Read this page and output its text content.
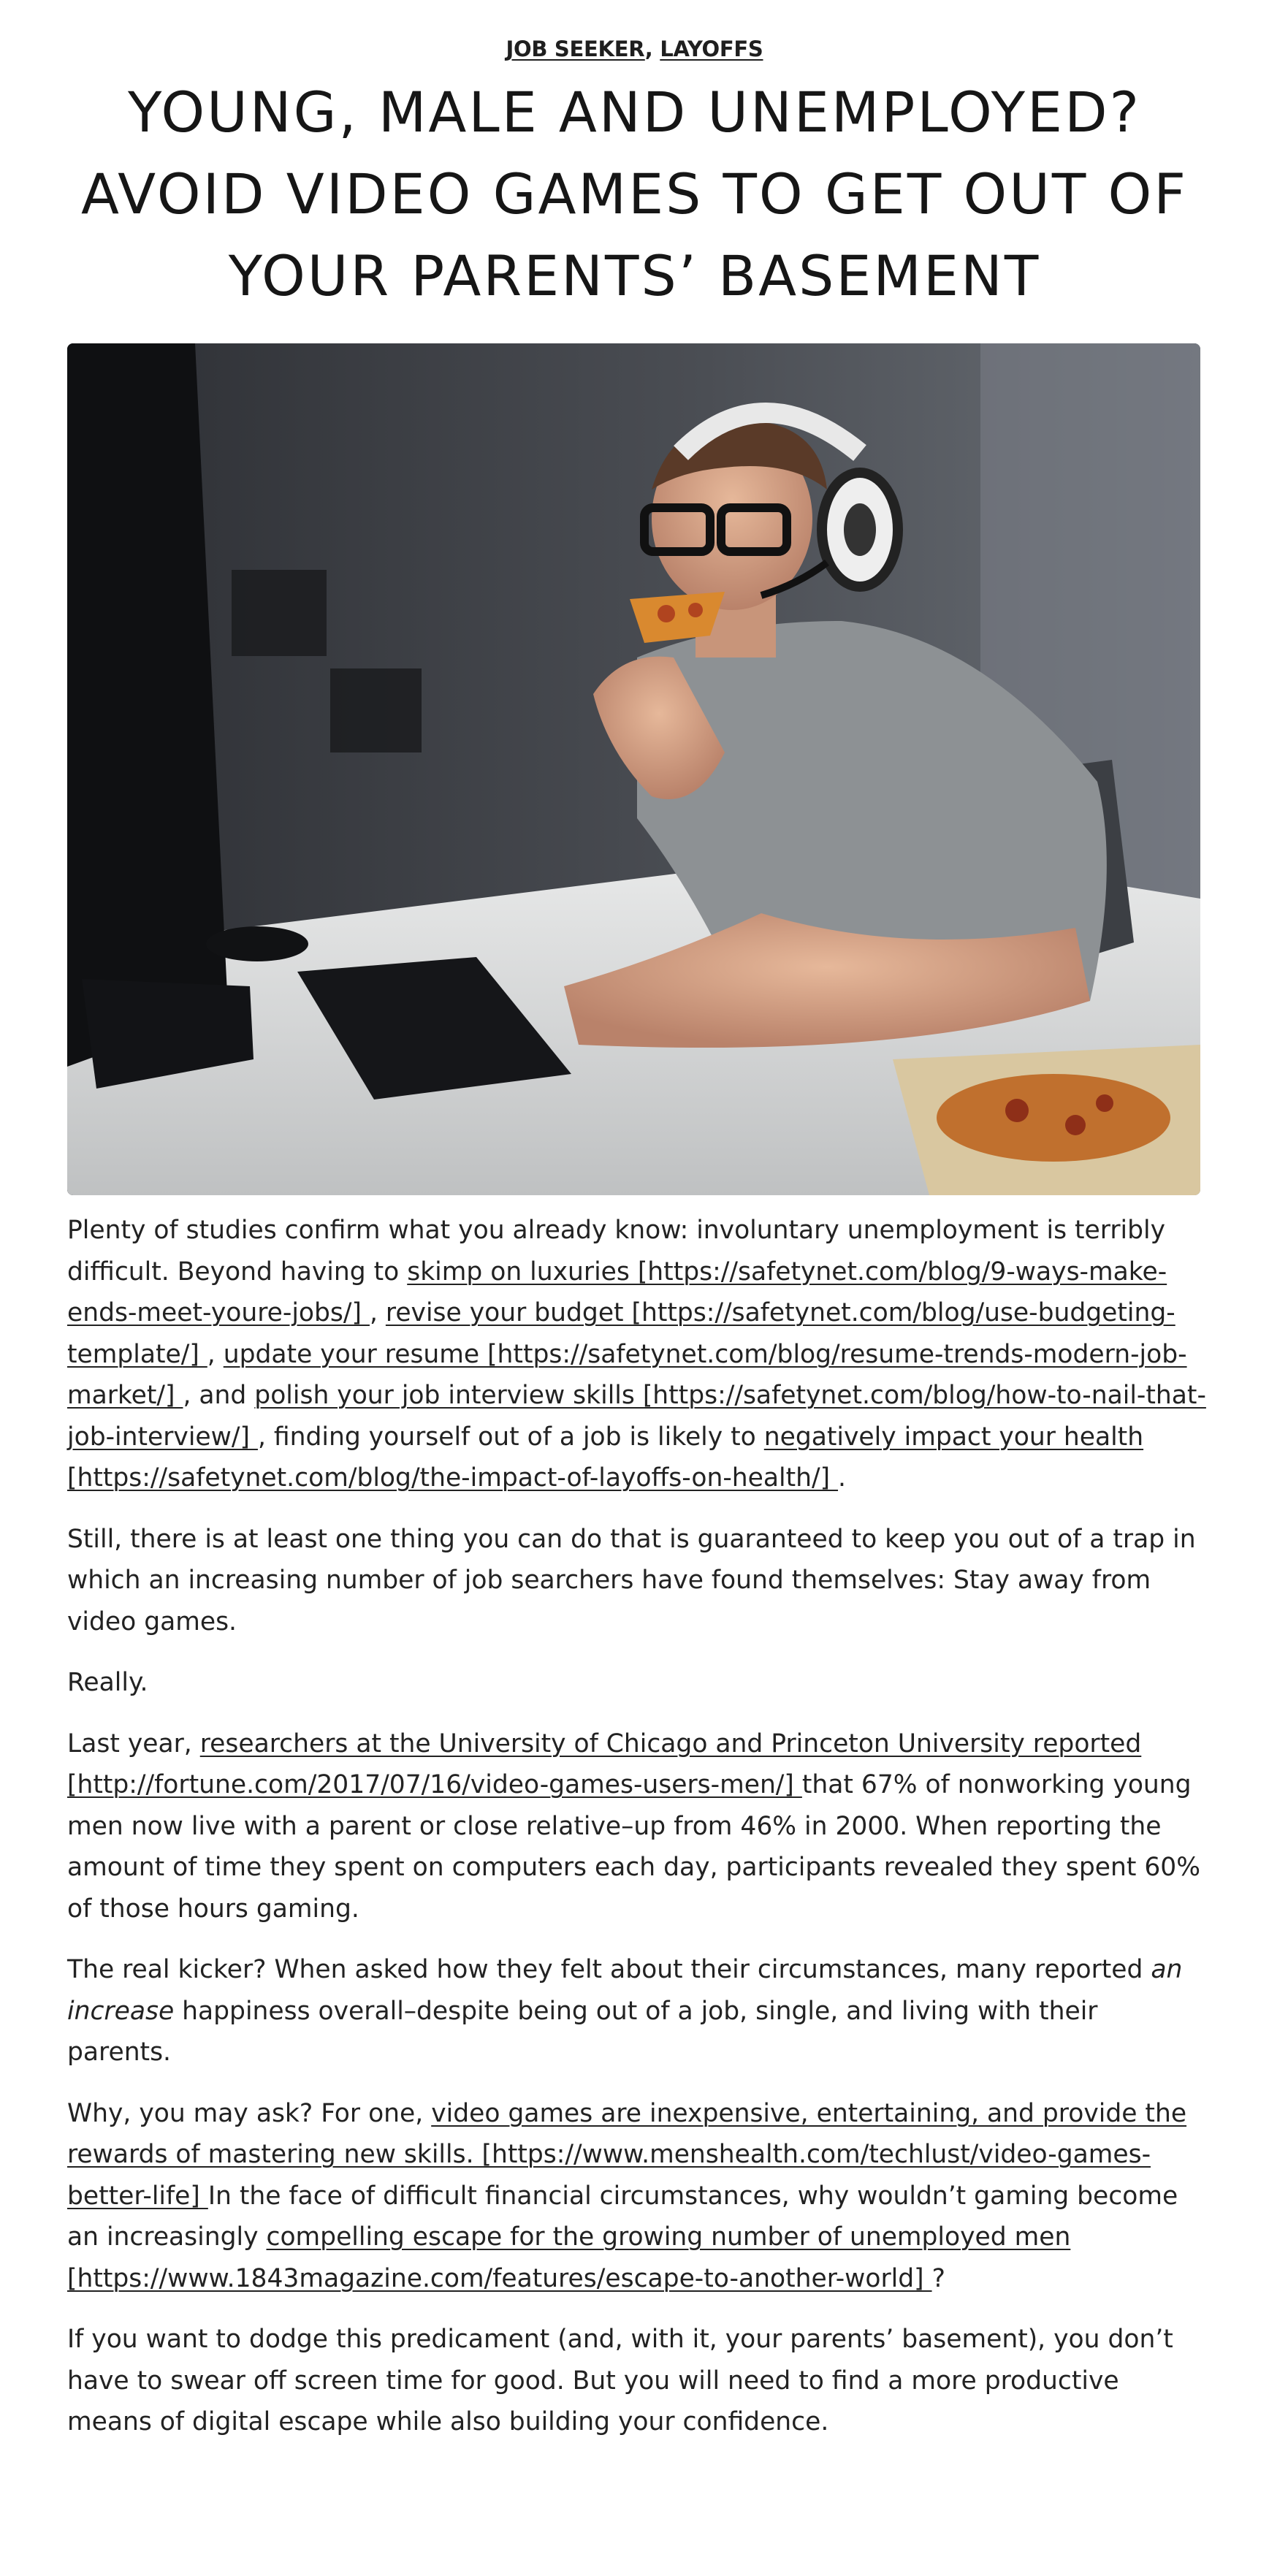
JOB SEEKER, LAYOFFS
YOUNG, MALE AND UNEMPLOYED? AVOID VIDEO GAMES TO GET OUT OF YOUR PARENTS’ BASEMENT

Plenty of studies confirm what you already know: involuntary unemployment is terribly difficult. Beyond having to skimp on luxuries [https://safetynet.com/blog/9-ways-make-ends-meet-youre-jobs/] , revise your budget [https://safetynet.com/blog/use-budgeting-template/] , update your resume [https://safetynet.com/blog/resume-trends-modern-job-market/] , and polish your job interview skills [https://safetynet.com/blog/how-to-nail-that-job-interview/] , finding yourself out of a job is likely to negatively impact your health [https://safetynet.com/blog/the-impact-of-layoffs-on-health/] .

Still, there is at least one thing you can do that is guaranteed to keep you out of a trap in which an increasing number of job searchers have found themselves: Stay away from video games.

Really.

Last year, researchers at the University of Chicago and Princeton University reported [http://fortune.com/2017/07/16/video-games-users-men/] that 67% of nonworking young men now live with a parent or close relative–up from 46% in 2000. When reporting the amount of time they spent on computers each day, participants revealed they spent 60% of those hours gaming.

The real kicker? When asked how they felt about their circumstances, many reported an increase happiness overall–despite being out of a job, single, and living with their parents.

Why, you may ask? For one, video games are inexpensive, entertaining, and provide the rewards of mastering new skills. [https://www.menshealth.com/techlust/video-games-better-life] In the face of difficult financial circumstances, why wouldn’t gaming become an increasingly compelling escape for the growing number of unemployed men [https://www.1843magazine.com/features/escape-to-another-world] ?

If you want to dodge this predicament (and, with it, your parents’ basement), you don’t have to swear off screen time for good. But you will need to find a more productive means of digital escape while also building your confidence.
